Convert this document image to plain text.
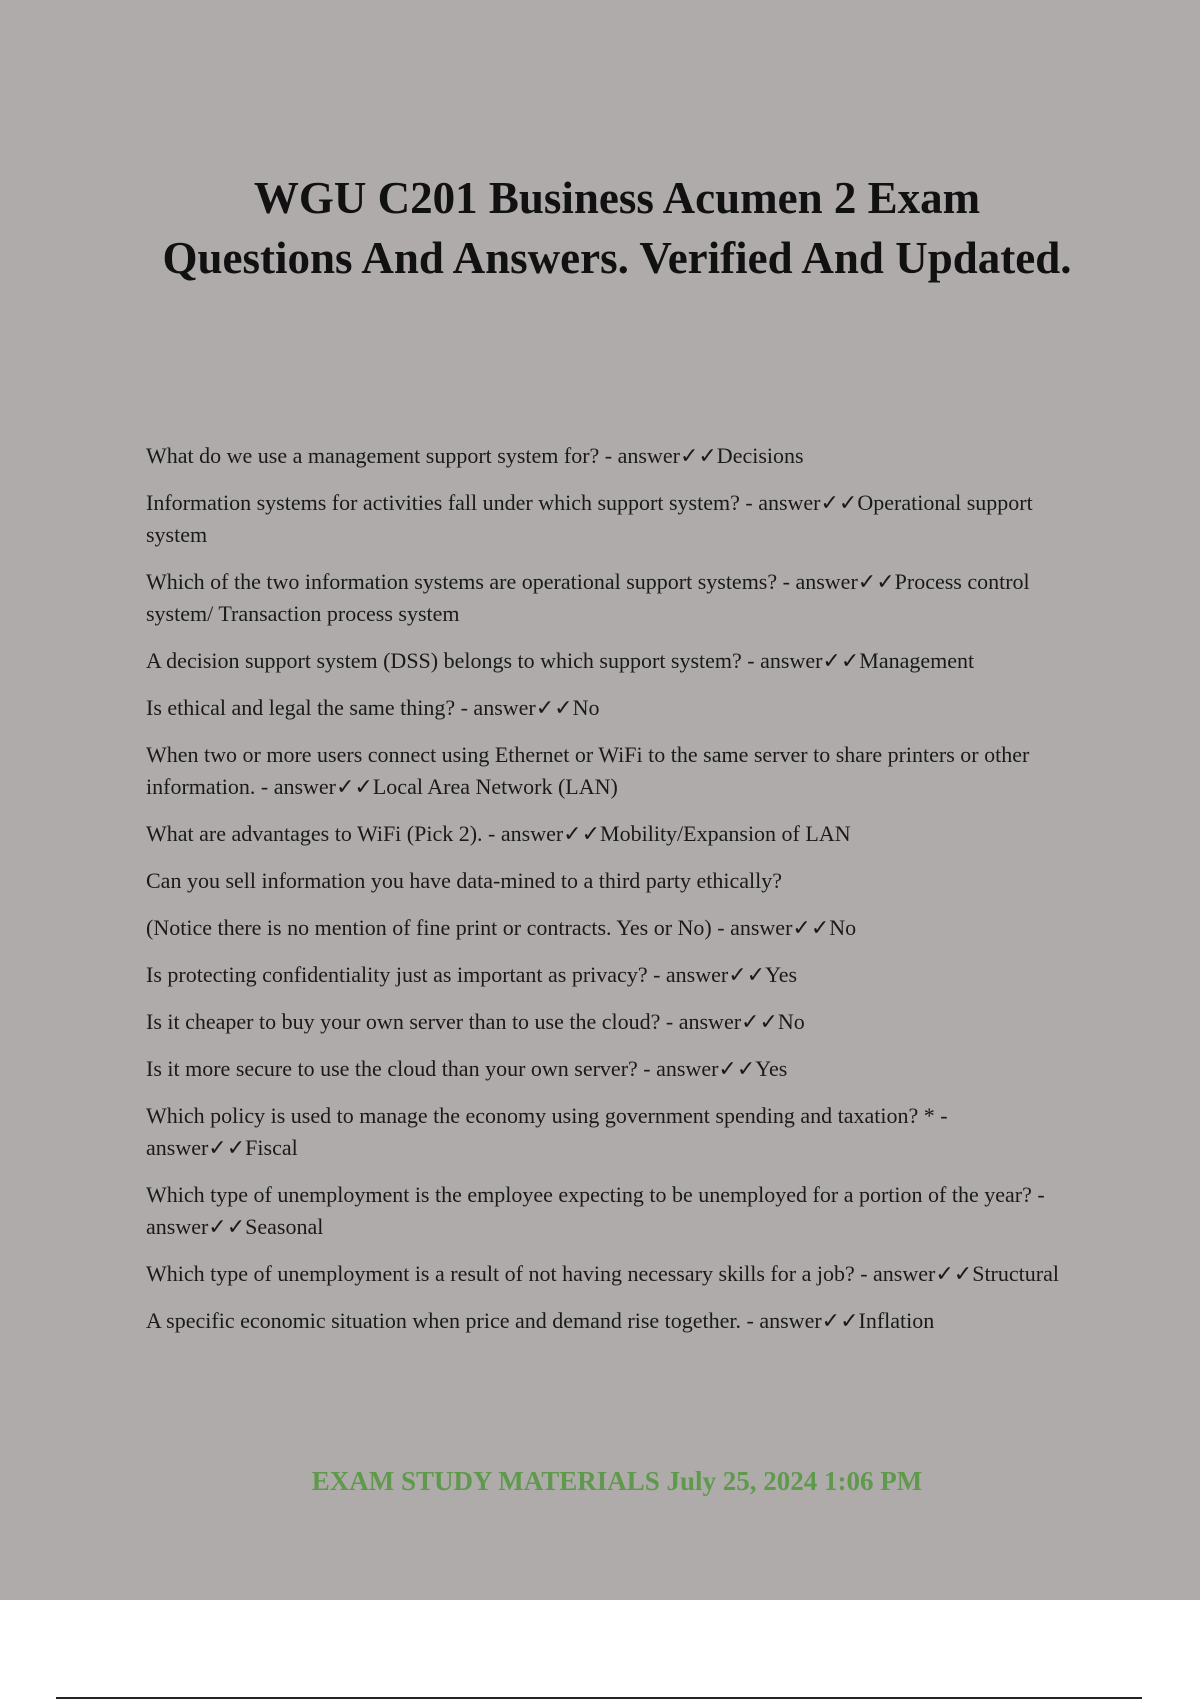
WGU C201 Business Acumen 2 Exam Questions And Answers. Verified And Updated.
What do we use a management support system for? - answer✓✓Decisions
Information systems for activities fall under which support system? - answer✓✓Operational support system
Which of the two information systems are operational support systems? - answer✓✓Process control system/ Transaction process system
A decision support system (DSS) belongs to which support system? - answer✓✓Management
Is ethical and legal the same thing? - answer✓✓No
When two or more users connect using Ethernet or WiFi to the same server to share printers or other information. - answer✓✓Local Area Network (LAN)
What are advantages to WiFi (Pick 2). - answer✓✓Mobility/Expansion of LAN
Can you sell information you have data-mined to a third party ethically?
(Notice there is no mention of fine print or contracts. Yes or No) - answer✓✓No
Is protecting confidentiality just as important as privacy? - answer✓✓Yes
Is it cheaper to buy your own server than to use the cloud? - answer✓✓No
Is it more secure to use the cloud than your own server? - answer✓✓Yes
Which policy is used to manage the economy using government spending and taxation? * - answer✓✓Fiscal
Which type of unemployment is the employee expecting to be unemployed for a portion of the year? - answer✓✓Seasonal
Which type of unemployment is a result of not having necessary skills for a job? - answer✓✓Structural
A specific economic situation when price and demand rise together. - answer✓✓Inflation
EXAM STUDY MATERIALS July 25, 2024 1:06 PM
